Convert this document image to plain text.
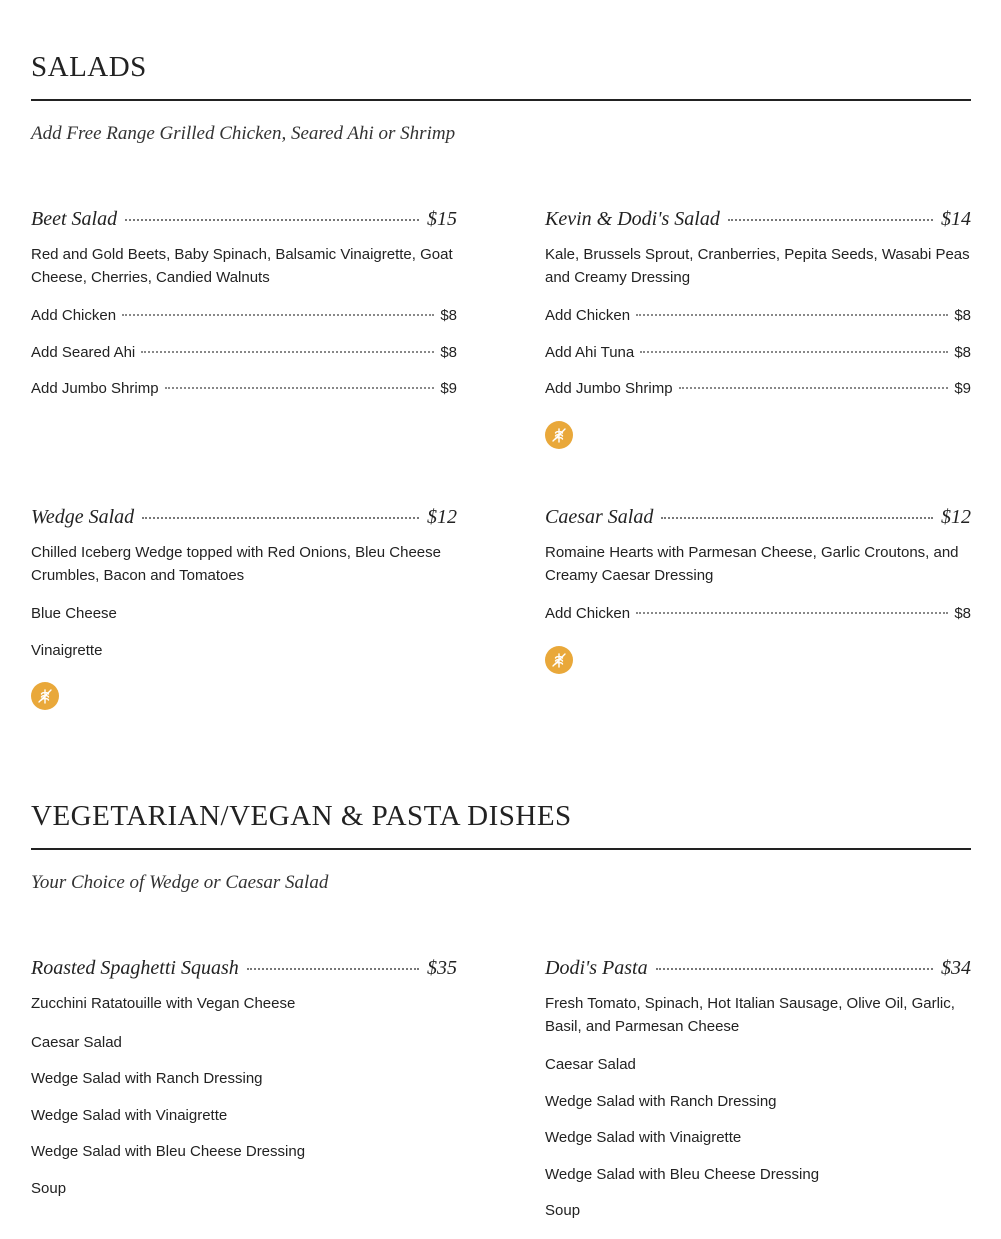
SALADS
Add Free Range Grilled Chicken, Seared Ahi or Shrimp
Beet Salad	$15
Red and Gold Beets, Baby Spinach, Balsamic Vinaigrette, Goat Cheese, Cherries, Candied Walnuts
Add Chicken	$8
Add Seared Ahi	$8
Add Jumbo Shrimp	$9
Kevin & Dodi's Salad	$14
Kale, Brussels Sprout, Cranberries, Pepita Seeds, Wasabi Peas and Creamy Dressing
Add Chicken	$8
Add Ahi Tuna	$8
Add Jumbo Shrimp	$9
Wedge Salad	$12
Chilled Iceberg Wedge topped with Red Onions, Bleu Cheese Crumbles, Bacon and Tomatoes
Blue Cheese
Vinaigrette
Caesar Salad	$12
Romaine Hearts with Parmesan Cheese, Garlic Croutons, and Creamy Caesar Dressing
Add Chicken	$8
VEGETARIAN/VEGAN & PASTA DISHES
Your Choice of Wedge or Caesar Salad
Roasted Spaghetti Squash	$35
Zucchini Ratatouille with Vegan Cheese
Caesar Salad
Wedge Salad with Ranch Dressing
Wedge Salad with Vinaigrette
Wedge Salad with Bleu Cheese Dressing
Soup
Dodi's Pasta	$34
Fresh Tomato, Spinach, Hot Italian Sausage, Olive Oil, Garlic, Basil, and Parmesan Cheese
Caesar Salad
Wedge Salad with Ranch Dressing
Wedge Salad with Vinaigrette
Wedge Salad with Bleu Cheese Dressing
Soup
